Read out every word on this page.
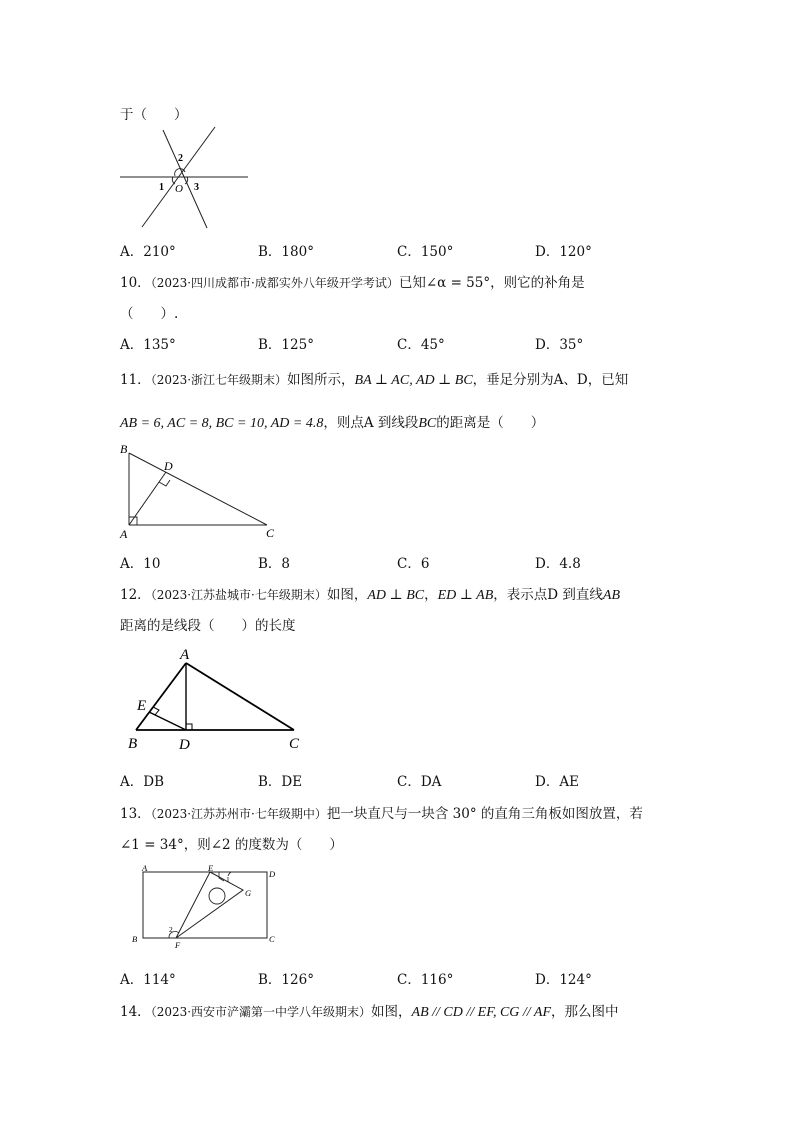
于（　　）
2
1	3
O
A．210°	B．180°	C．150°	D．120°
10．（2023·四川成都市·成都实外八年级开学考试）已知∠α = 55°，则它的补角是
（　　）.
A．135°	B．125°	C．45°	D．35°
11．（2023·浙江七年级期末）如图所示，BA ⊥ AC, AD ⊥ BC，垂足分别为A、D，已知
AB = 6, AC = 8, BC = 10, AD = 4.8，则点A 到线段BC的距离是（　　）
B
D
A	C
A．10	B．8	C．6	D．4.8
12．（2023·江苏盐城市·七年级期末）如图，AD ⊥ BC，ED ⊥ AB，表示点D 到直线AB
距离的是线段（　　）的长度
A
E
B	D	C
A．DB	B．DE	C．DA	D．AE
13．（2023·江苏苏州市·七年级期中）把一块直尺与一块含 30° 的直角三角板如图放置，若
∠1 = 34°，则∠2 的度数为（　　）
A	E
1
D
G
B
2
F
C
A．114°	B．126°	C．116°	D．124°
14．（2023·西安市浐灞第一中学八年级期末）如图，AB // CD // EF, CG // AF，那么图中
